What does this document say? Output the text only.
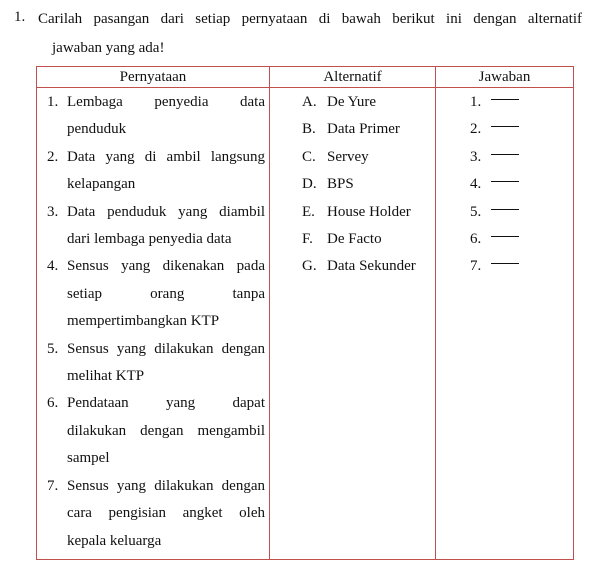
1. Carilah pasangan dari setiap pernyataan di bawah berikut ini dengan alternatif
jawaban yang ada!
Pernyataan	Alternatif	Jawaban
1. Lembaga penyedia data
penduduk
2. Data yang di ambil langsung
kelapangan
3. Data penduduk yang diambil
dari lembaga penyedia data
4. Sensus yang dikenakan pada
setiap orang tanpa
mempertimbangkan KTP
5. Sensus yang dilakukan dengan
melihat KTP
6. Pendataan yang dapat
dilakukan dengan mengambil
sampel
7. Sensus yang dilakukan dengan
cara pengisian angket oleh
kepala keluarga
A. De Yure
B. Data Primer
C. Servey
D. BPS
E. House Holder
F. De Facto
G. Data Sekunder
1.
2.
3.
4.
5.
6.
7.
